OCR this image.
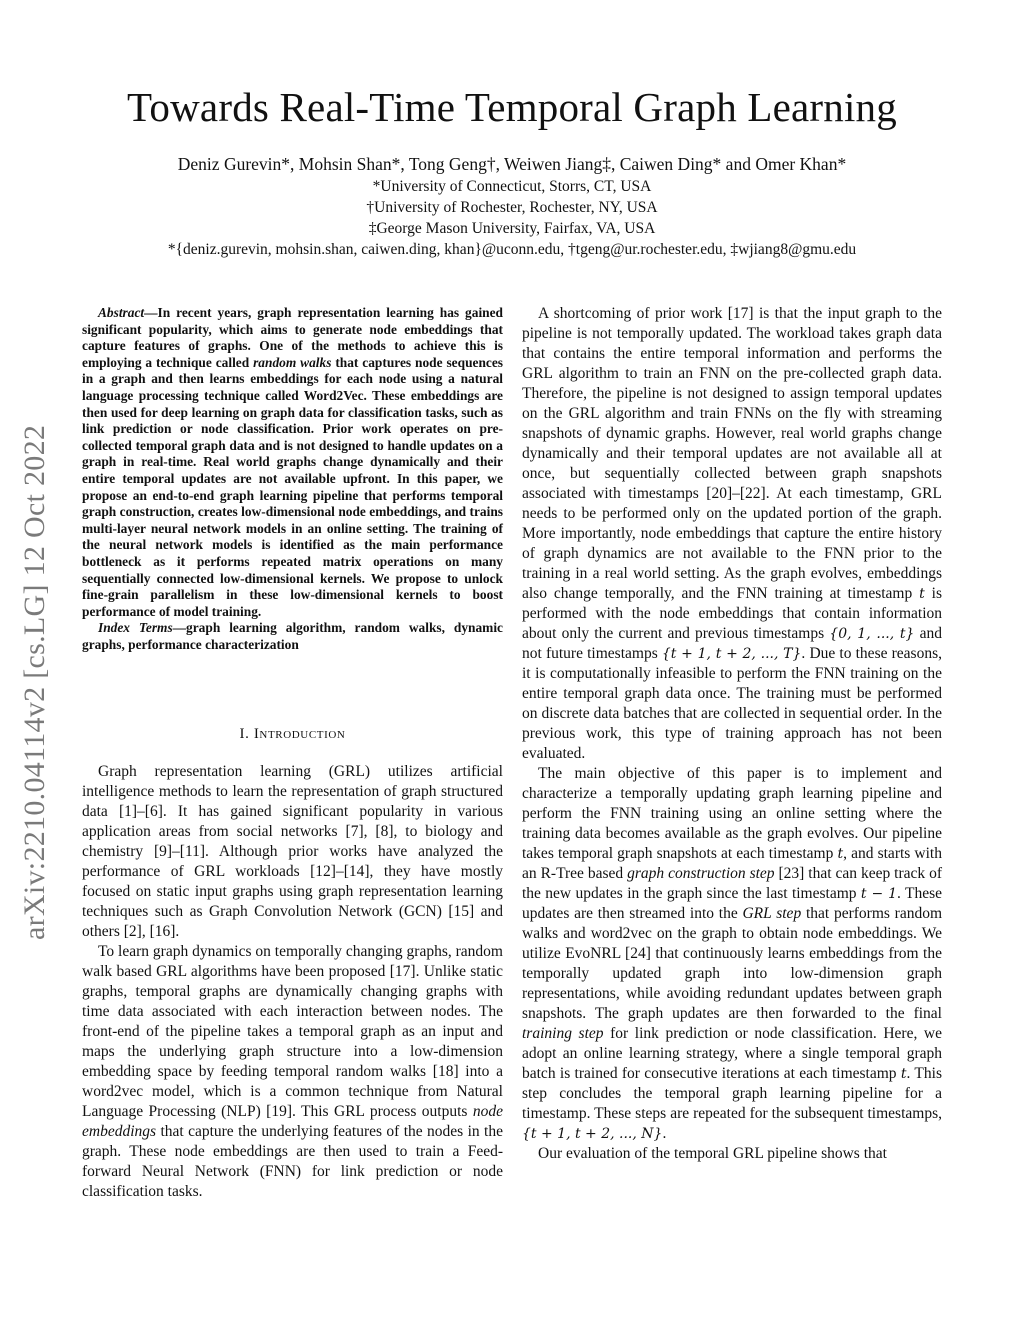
Towards Real-Time Temporal Graph Learning
Deniz Gurevin*, Mohsin Shan*, Tong Geng†, Weiwen Jiang‡, Caiwen Ding* and Omer Khan*
*University of Connecticut, Storrs, CT, USA
†University of Rochester, Rochester, NY, USA
‡George Mason University, Fairfax, VA, USA
*{deniz.gurevin, mohsin.shan, caiwen.ding, khan}@uconn.edu, †tgeng@ur.rochester.edu, ‡wjiang8@gmu.edu
arXiv:2210.04114v2 [cs.LG] 12 Oct 2022

Abstract—In recent years, graph representation learning has gained significant popularity, which aims to generate node embeddings that capture features of graphs. One of the methods to achieve this is employing a technique called random walks that captures node sequences in a graph and then learns embeddings for each node using a natural language processing technique called Word2Vec. These embeddings are then used for deep learning on graph data for classification tasks, such as link prediction or node classification. Prior work operates on pre-collected temporal graph data and is not designed to handle updates on a graph in real-time. Real world graphs change dynamically and their entire temporal updates are not available upfront. In this paper, we propose an end-to-end graph learning pipeline that performs temporal graph construction, creates low-dimensional node embeddings, and trains multi-layer neural network models in an online setting. The training of the neural network models is identified as the main performance bottleneck as it performs repeated matrix operations on many sequentially connected low-dimensional kernels. We propose to unlock fine-grain parallelism in these low-dimensional kernels to boost performance of model training.

Index Terms—graph learning algorithm, random walks, dynamic graphs, performance characterization

I. Introduction

Graph representation learning (GRL) utilizes artificial intelligence methods to learn the representation of graph structured data [1]–[6]. It has gained significant popularity in various application areas from social networks [7], [8], to biology and chemistry [9]–[11]. Although prior works have analyzed the performance of GRL workloads [12]–[14], they have mostly focused on static input graphs using graph representation learning techniques such as Graph Convolution Network (GCN) [15] and others [2], [16].

To learn graph dynamics on temporally changing graphs, random walk based GRL algorithms have been proposed [17]. Unlike static graphs, temporal graphs are dynamically changing graphs with time data associated with each interaction between nodes. The front-end of the pipeline takes a temporal graph as an input and maps the underlying graph structure into a low-dimension embedding space by feeding temporal random walks [18] into a word2vec model, which is a common technique from Natural Language Processing (NLP) [19]. This GRL process outputs node embeddings that capture the underlying features of the nodes in the graph. These node embeddings are then used to train a Feed-forward Neural Network (FNN) for link prediction or node classification tasks.

A shortcoming of prior work [17] is that the input graph to the pipeline is not temporally updated. The workload takes graph data that contains the entire temporal information and performs the GRL algorithm to train an FNN on the pre-collected graph data. Therefore, the pipeline is not designed to assign temporal updates on the GRL algorithm and train FNNs on the fly with streaming snapshots of dynamic graphs. However, real world graphs change dynamically and their temporal updates are not available all at once, but sequentially collected between graph snapshots associated with timestamps [20]–[22]. At each timestamp, GRL needs to be performed only on the updated portion of the graph. More importantly, node embeddings that capture the entire history of graph dynamics are not available to the FNN prior to the training in a real world setting. As the graph evolves, embeddings also change temporally, and the FNN training at timestamp t is performed with the node embeddings that contain information about only the current and previous timestamps {0, 1, ..., t} and not future timestamps {t + 1, t + 2, ..., T}. Due to these reasons, it is computationally infeasible to perform the FNN training on the entire temporal graph data once. The training must be performed on discrete data batches that are collected in sequential order. In the previous work, this type of training approach has not been evaluated.

The main objective of this paper is to implement and characterize a temporally updating graph learning pipeline and perform the FNN training using an online setting where the training data becomes available as the graph evolves. Our pipeline takes temporal graph snapshots at each timestamp t, and starts with an R-Tree based graph construction step [23] that can keep track of the new updates in the graph since the last timestamp t − 1. These updates are then streamed into the GRL step that performs random walks and word2vec on the graph to obtain node embeddings. We utilize EvoNRL [24] that continuously learns embeddings from the temporally updated graph into low-dimension graph representations, while avoiding redundant updates between graph snapshots. The graph updates are then forwarded to the final training step for link prediction or node classification. Here, we adopt an online learning strategy, where a single temporal graph batch is trained for consecutive iterations at each timestamp t. This step concludes the temporal graph learning pipeline for a timestamp. These steps are repeated for the subsequent timestamps, {t + 1, t + 2, ..., N}.

Our evaluation of the temporal GRL pipeline shows that
